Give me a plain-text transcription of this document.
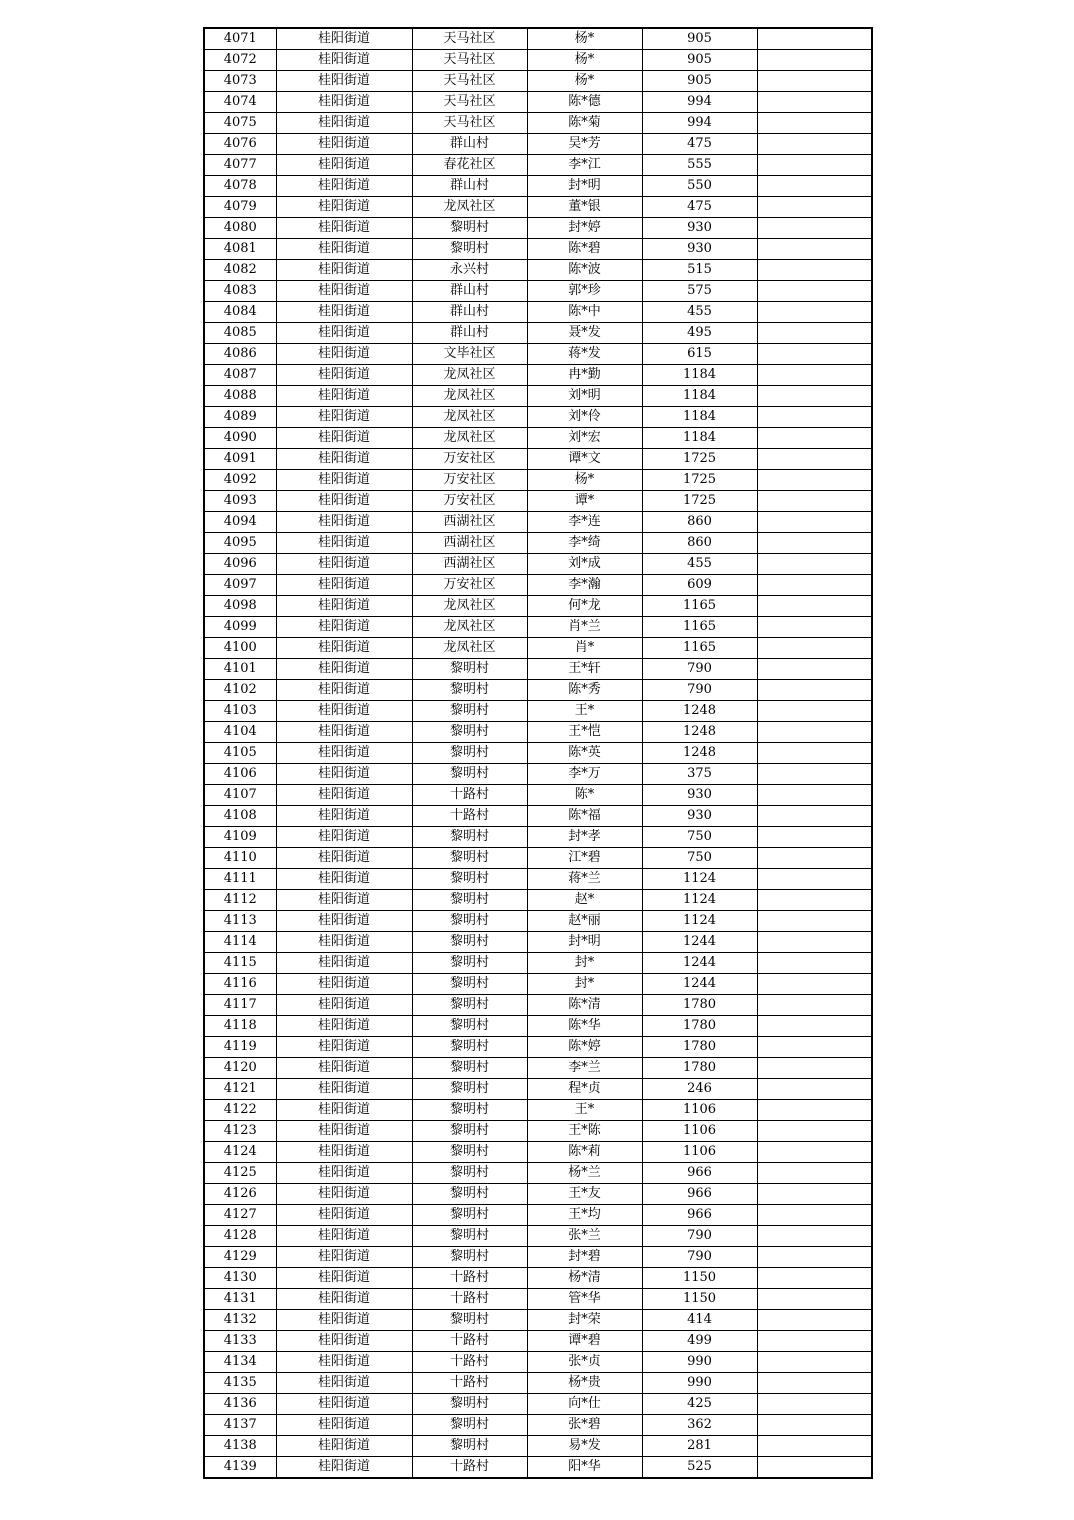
4071	桂阳街道	天马社区	杨*	905	
4072	桂阳街道	天马社区	杨*	905	
4073	桂阳街道	天马社区	杨*	905	
4074	桂阳街道	天马社区	陈*德	994	
4075	桂阳街道	天马社区	陈*菊	994	
4076	桂阳街道	群山村	吴*芳	475	
4077	桂阳街道	春花社区	李*江	555	
4078	桂阳街道	群山村	封*明	550	
4079	桂阳街道	龙凤社区	董*银	475	
4080	桂阳街道	黎明村	封*婷	930	
4081	桂阳街道	黎明村	陈*碧	930	
4082	桂阳街道	永兴村	陈*波	515	
4083	桂阳街道	群山村	郭*珍	575	
4084	桂阳街道	群山村	陈*中	455	
4085	桂阳街道	群山村	聂*发	495	
4086	桂阳街道	文毕社区	蒋*发	615	
4087	桂阳街道	龙凤社区	冉*勤	1184	
4088	桂阳街道	龙凤社区	刘*明	1184	
4089	桂阳街道	龙凤社区	刘*伶	1184	
4090	桂阳街道	龙凤社区	刘*宏	1184	
4091	桂阳街道	万安社区	谭*文	1725	
4092	桂阳街道	万安社区	杨*	1725	
4093	桂阳街道	万安社区	谭*	1725	
4094	桂阳街道	西湖社区	李*连	860	
4095	桂阳街道	西湖社区	李*绮	860	
4096	桂阳街道	西湖社区	刘*成	455	
4097	桂阳街道	万安社区	李*瀚	609	
4098	桂阳街道	龙凤社区	何*龙	1165	
4099	桂阳街道	龙凤社区	肖*兰	1165	
4100	桂阳街道	龙凤社区	肖*	1165	
4101	桂阳街道	黎明村	王*轩	790	
4102	桂阳街道	黎明村	陈*秀	790	
4103	桂阳街道	黎明村	王*	1248	
4104	桂阳街道	黎明村	王*恺	1248	
4105	桂阳街道	黎明村	陈*英	1248	
4106	桂阳街道	黎明村	李*万	375	
4107	桂阳街道	十路村	陈*	930	
4108	桂阳街道	十路村	陈*福	930	
4109	桂阳街道	黎明村	封*孝	750	
4110	桂阳街道	黎明村	江*碧	750	
4111	桂阳街道	黎明村	蒋*兰	1124	
4112	桂阳街道	黎明村	赵*	1124	
4113	桂阳街道	黎明村	赵*丽	1124	
4114	桂阳街道	黎明村	封*明	1244	
4115	桂阳街道	黎明村	封*	1244	
4116	桂阳街道	黎明村	封*	1244	
4117	桂阳街道	黎明村	陈*清	1780	
4118	桂阳街道	黎明村	陈*华	1780	
4119	桂阳街道	黎明村	陈*婷	1780	
4120	桂阳街道	黎明村	李*兰	1780	
4121	桂阳街道	黎明村	程*贞	246	
4122	桂阳街道	黎明村	王*	1106	
4123	桂阳街道	黎明村	王*陈	1106	
4124	桂阳街道	黎明村	陈*莉	1106	
4125	桂阳街道	黎明村	杨*兰	966	
4126	桂阳街道	黎明村	王*友	966	
4127	桂阳街道	黎明村	王*均	966	
4128	桂阳街道	黎明村	张*兰	790	
4129	桂阳街道	黎明村	封*碧	790	
4130	桂阳街道	十路村	杨*清	1150	
4131	桂阳街道	十路村	管*华	1150	
4132	桂阳街道	黎明村	封*荣	414	
4133	桂阳街道	十路村	谭*碧	499	
4134	桂阳街道	十路村	张*贞	990	
4135	桂阳街道	十路村	杨*贵	990	
4136	桂阳街道	黎明村	向*仕	425	
4137	桂阳街道	黎明村	张*碧	362	
4138	桂阳街道	黎明村	易*发	281	
4139	桂阳街道	十路村	阳*华	525	
